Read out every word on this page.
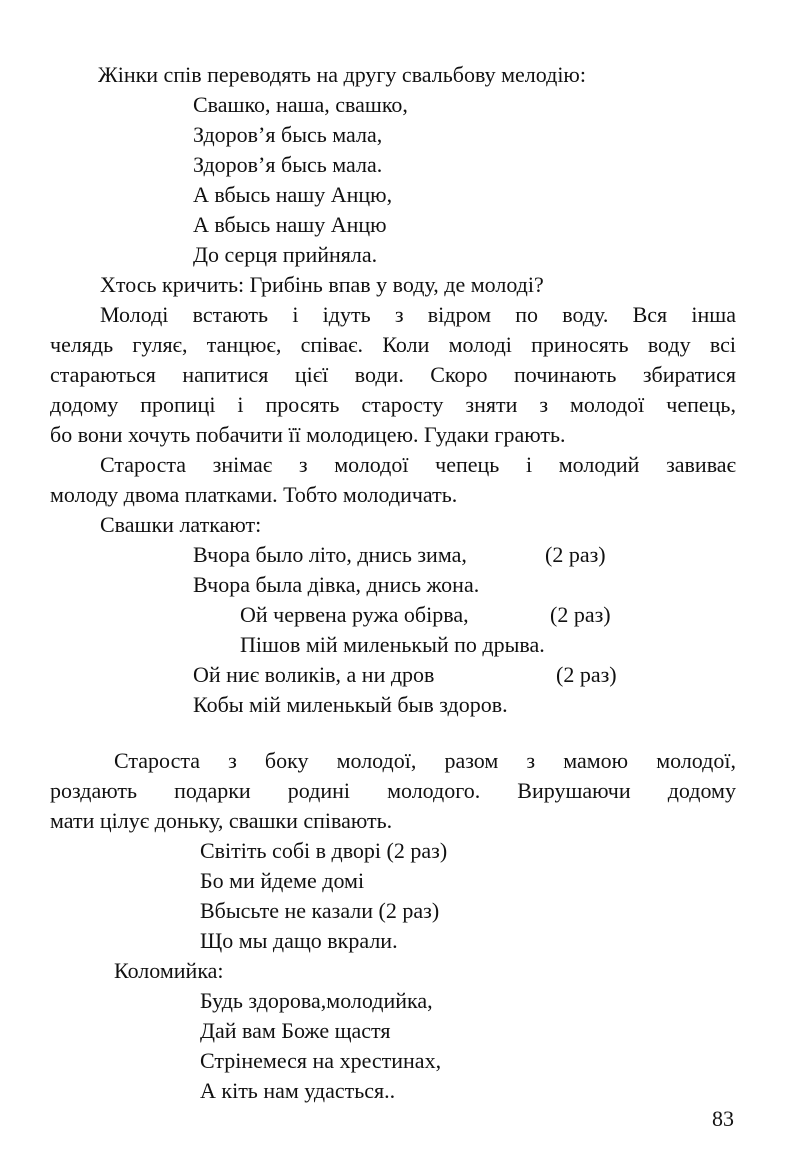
Жінки спів переводять на другу свальбову мелодію:
Свашко, наша, свашко,
Здоров’я бысь мала,
Здоров’я бысь мала.
А вбысь нашу Анцю,
А вбысь нашу Анцю
До серця прийняла.
Хтось кричить: Грибінь впав у воду, де молоді?
Молоді встають і ідуть з відром по воду. Вся інша
челядь гуляє, танцює, співає. Коли молоді приносять воду всі
стараються напитися цієї води. Скоро починають збиратися
додому пропиці і просять старосту зняти з молодої чепець,
бо вони хочуть побачити її молодицею. Гудаки грають.
Староста знімає з молодої чепець і молодий завиває
молоду двома платками. Тобто молодичать.
Свашки латкают:
Вчора было літо, днись зима,	(2 раз)
Вчора была дівка, днись жона.
Ой червена ружа обірва,	(2 раз)
Пішов мій миленькый по дрыва.
Ой ниє воликів, а ни дров	(2 раз)
Кобы мій миленькый быв здоров.
Староста з боку молодої, разом з мамою молодої,
роздають подарки родині молодого. Вирушаючи додому
мати цілує доньку, свашки співають.
Світіть собі в дворі (2 раз)
Бо ми йдеме домі
Вбысьте не казали (2 раз)
Що мы дащо вкрали.
Коломийка:
Будь здорова,молодийка,
Дай вам Боже щастя
Стрінемеся на хрестинах,
А кіть нам удасться..
83
